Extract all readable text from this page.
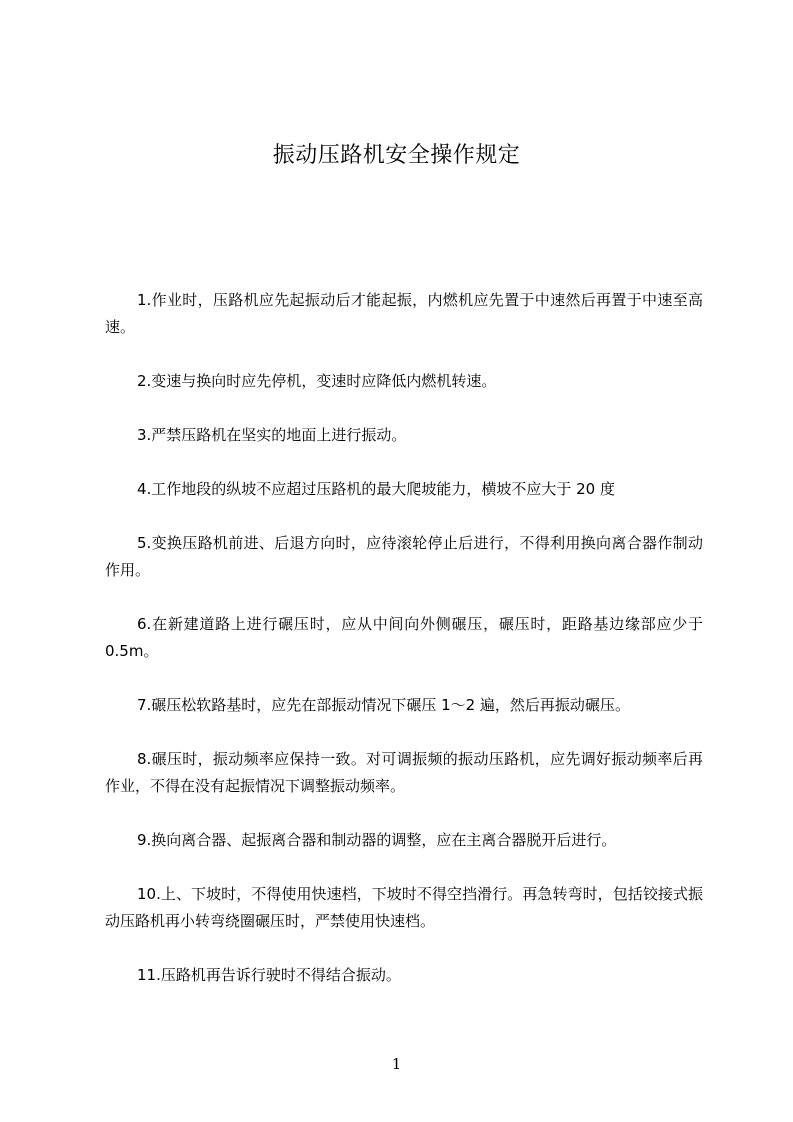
振动压路机安全操作规定

1.作业时，压路机应先起振动后才能起振，内燃机应先置于中速然后再置于中速至高速。

2.变速与换向时应先停机，变速时应降低内燃机转速。

3.严禁压路机在坚实的地面上进行振动。

4.工作地段的纵坡不应超过压路机的最大爬坡能力，横坡不应大于 20 度

5.变换压路机前进、后退方向时，应待滚轮停止后进行，不得利用换向离合器作制动作用。

6.在新建道路上进行碾压时，应从中间向外侧碾压，碾压时，距路基边缘部应少于 0.5m。

7.碾压松软路基时，应先在部振动情况下碾压 1～2 遍，然后再振动碾压。

8.碾压时，振动频率应保持一致。对可调振频的振动压路机，应先调好振动频率后再作业，不得在没有起振情况下调整振动频率。

9.换向离合器、起振离合器和制动器的调整，应在主离合器脱开后进行。

10.上、下坡时，不得使用快速档，下坡时不得空挡滑行。再急转弯时，包括铰接式振动压路机再小转弯绕圈碾压时，严禁使用快速档。

11.压路机再告诉行驶时不得结合振动。

1
